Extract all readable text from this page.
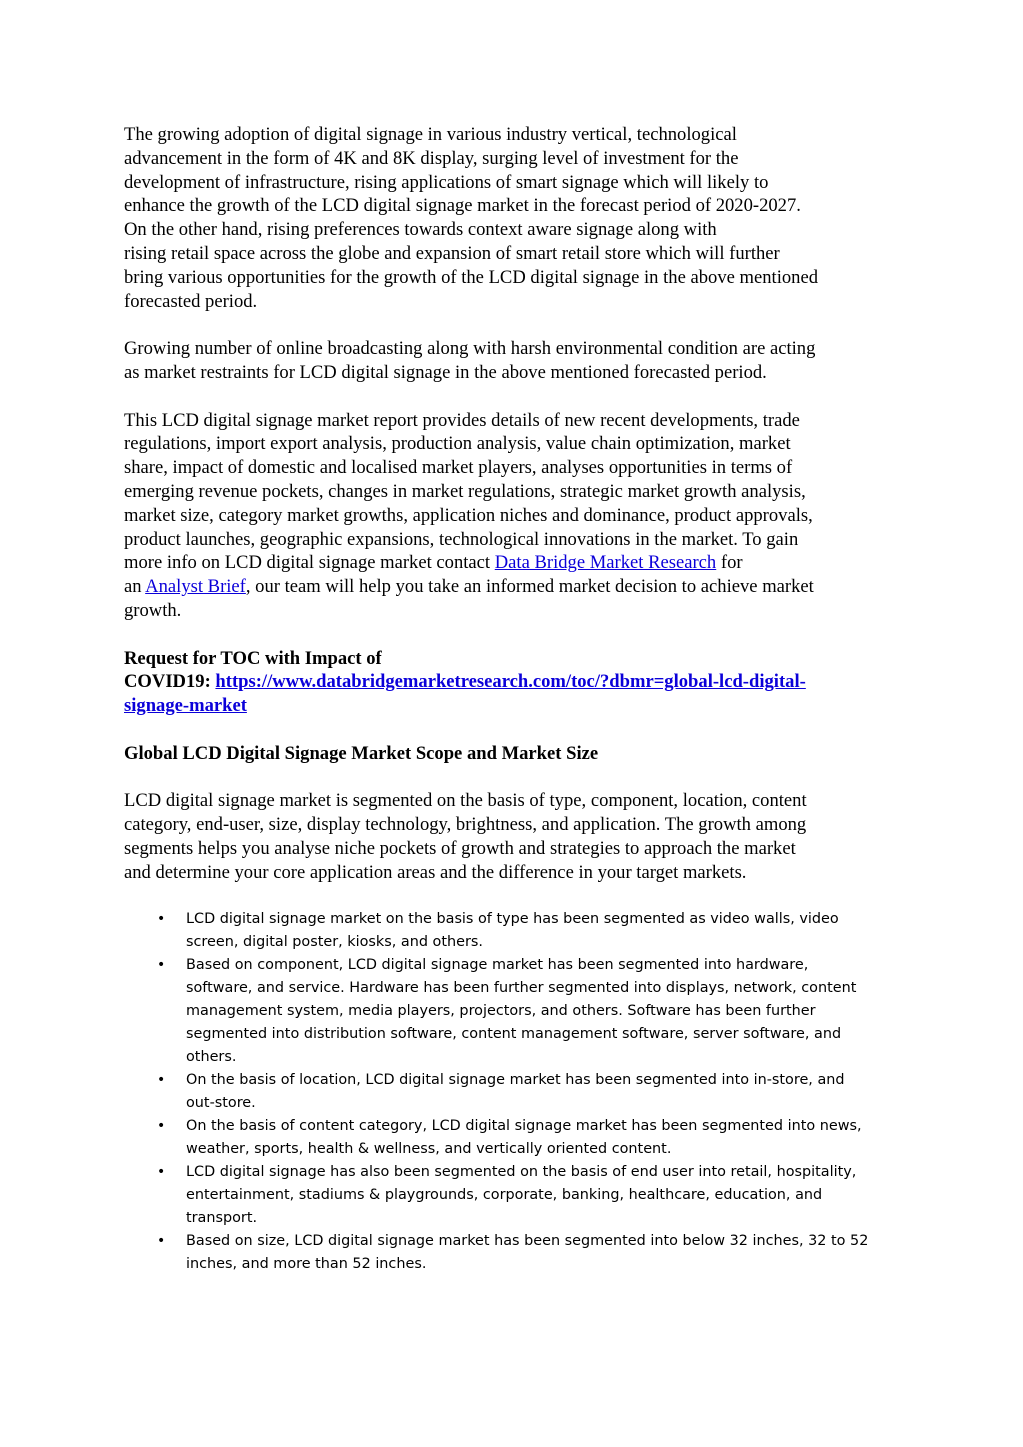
The growing adoption of digital signage in various industry vertical, technological
advancement in the form of 4K and 8K display, surging level of investment for the
development of infrastructure, rising applications of smart signage which will likely to
enhance the growth of the LCD digital signage market in the forecast period of 2020-2027.
On the other hand, rising preferences towards context aware signage along with
rising retail space across the globe and expansion of smart retail store which will further
bring various opportunities for the growth of the LCD digital signage in the above mentioned
forecasted period.

Growing number of online broadcasting along with harsh environmental condition are acting
as market restraints for LCD digital signage in the above mentioned forecasted period.

This LCD digital signage market report provides details of new recent developments, trade
regulations, import export analysis, production analysis, value chain optimization, market
share, impact of domestic and localised market players, analyses opportunities in terms of
emerging revenue pockets, changes in market regulations, strategic market growth analysis,
market size, category market growths, application niches and dominance, product approvals,
product launches, geographic expansions, technological innovations in the market. To gain
more info on LCD digital signage market contact Data Bridge Market Research for
an Analyst Brief, our team will help you take an informed market decision to achieve market
growth.

Request for TOC with Impact of
COVID19: https://www.databridgemarketresearch.com/toc/?dbmr=global-lcd-digital-
signage-market

Global LCD Digital Signage Market Scope and Market Size

LCD digital signage market is segmented on the basis of type, component, location, content
category, end-user, size, display technology, brightness, and application. The growth among
segments helps you analyse niche pockets of growth and strategies to approach the market
and determine your core application areas and the difference in your target markets.

• LCD digital signage market on the basis of type has been segmented as video walls, video
screen, digital poster, kiosks, and others.
• Based on component, LCD digital signage market has been segmented into hardware,
software, and service. Hardware has been further segmented into displays, network, content
management system, media players, projectors, and others. Software has been further
segmented into distribution software, content management software, server software, and
others.
• On the basis of location, LCD digital signage market has been segmented into in-store, and
out-store.
• On the basis of content category, LCD digital signage market has been segmented into news,
weather, sports, health & wellness, and vertically oriented content.
• LCD digital signage has also been segmented on the basis of end user into retail, hospitality,
entertainment, stadiums & playgrounds, corporate, banking, healthcare, education, and
transport.
• Based on size, LCD digital signage market has been segmented into below 32 inches, 32 to 52
inches, and more than 52 inches.
